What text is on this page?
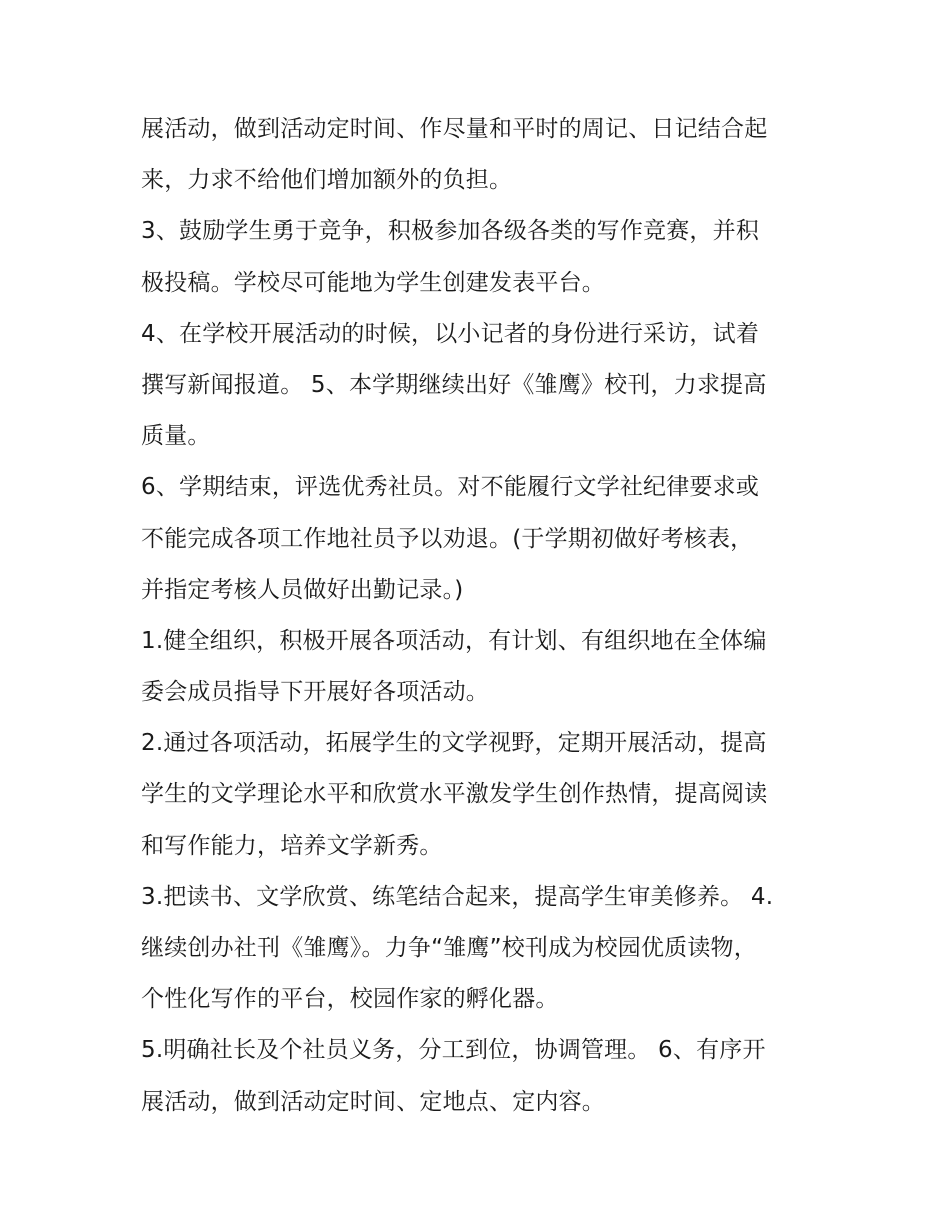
展活动，做到活动定时间、作尽量和平时的周记、日记结合起
来，力求不给他们增加额外的负担。
3、鼓励学生勇于竞争，积极参加各级各类的写作竞赛，并积
极投稿。学校尽可能地为学生创建发表平台。
4、在学校开展活动的时候，以小记者的身份进行采访，试着
撰写新闻报道。 5、本学期继续出好《雏鹰》校刊，力求提高
质量。
6、学期结束，评选优秀社员。对不能履行文学社纪律要求或
不能完成各项工作地社员予以劝退。(于学期初做好考核表，
并指定考核人员做好出勤记录。)
1.健全组织，积极开展各项活动，有计划、有组织地在全体编
委会成员指导下开展好各项活动。
2.通过各项活动，拓展学生的文学视野，定期开展活动，提高
学生的文学理论水平和欣赏水平激发学生创作热情，提高阅读
和写作能力，培养文学新秀。
3.把读书、文学欣赏、练笔结合起来，提高学生审美修养。 4.
继续创办社刊《雏鹰》。力争“雏鹰”校刊成为校园优质读物，
个性化写作的平台，校园作家的孵化器。
5.明确社长及个社员义务，分工到位，协调管理。 6、有序开
展活动，做到活动定时间、定地点、定内容。
